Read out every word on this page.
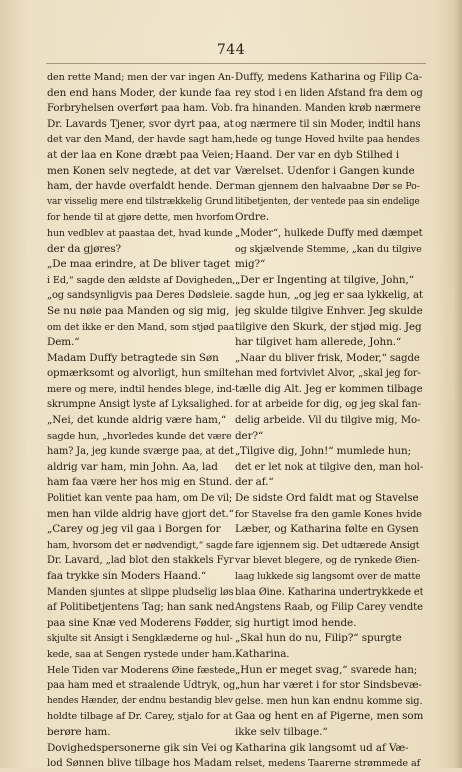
744
den rette Mand; men der var ingen An-
den end hans Moder, der kunde faa
Forbryhelsen overført paa ham. Vob.
Dr. Lavards Tjener, svor dyrt paa, at
det var den Mand, der havde sagt ham,
at der laa en Kone dræbt paa Veien;
men Konen selv negtede, at det var
ham, der havde overfaldt hende. Der
var visselig mere end tilstrækkelig Grund
for hende til at gjøre dette, men hvorfom
hun vedblev at paastaa det, hvad kunde
der da gjøres?
„De maa erindre, at De bliver taget
i Ed,“ sagde den ældste af Dovigheden,
„og sandsynligvis paa Deres Dødsleie.
Se nu nøie paa Manden og sig mig,
om det ikke er den Mand, som stjød paa
Dem.“
Madam Duffy betragtede sin Søn
opmærksomt og alvorligt, hun smilte
mere og mere, indtil hendes blege, ind-
skrumpne Ansigt lyste af Lyksalighed.
„Nei, det kunde aldrig være ham,“
sagde hun, „hvorledes kunde det være
ham? Ja, jeg kunde sværge paa, at det
aldrig var ham, min John. Aa, lad
ham faa være her hos mig en Stund.
Politiet kan vente paa ham, om De vil;
men han vilde aldrig have gjort det.“
„Carey og jeg vil gaa i Borgen for
ham, hvorsom det er nødvendigt,“ sagde
Dr. Lavard, „lad blot den stakkels Fyr
faa trykke sin Moders Haand.“
Manden sjuntes at slippe pludselig løs
af Politibetjentens Tag; han sank ned
paa sine Knæ ved Moderens Fødder,
skjulte sit Ansigt i Sengklæderne og hul-
kede, saa at Sengen rystede under ham.
Hele Tiden var Moderens Øine fæstede
paa ham med et straalende Udtryk, og
hendes Hænder, der endnu bestandig blev
holdte tilbage af Dr. Carey, stjalo for at
berøre ham.
Dovighedspersonerne gik sin Vei og
lod Sønnen blive tilbage hos Madam
Duffy, medens Katharina og Filip Ca-
rey stod i en liden Afstand fra dem og
fra hinanden. Manden krøb nærmere
og nærmere til sin Moder, indtil hans
hede og tunge Hoved hvilte paa hendes
Haand. Der var en dyb Stilhed i
Værelset. Udenfor i Gangen kunde
man gjennem den halvaabne Dør se Po-
litibetjenten, der ventede paa sin endelige
Ordre.
„Moder“, hulkede Duffy med dæmpet
og skjælvende Stemme, „kan du tilgive
mig?“
„Der er Ingenting at tilgive, John,“
sagde hun, „og jeg er saa lykkelig, at
jeg skulde tilgive Enhver. Jeg skulde
tilgive den Skurk, der stjød mig. Jeg
har tilgivet ham allerede, John.“
„Naar du bliver frisk, Moder,“ sagde
han med fortvivlet Alvor, „skal jeg for-
tælle dig Alt. Jeg er kommen tilbage
for at arbeide for dig, og jeg skal fan-
delig arbeide. Vil du tilgive mig, Mo-
der?“
„Tilgive dig, John!“ mumlede hun;
det er let nok at tilgive den, man hol-
der af.“
De sidste Ord faldt mat og Stavelse
for Stavelse fra den gamle Kones hvide
Læber, og Katharina følte en Gysen
fare igjennem sig. Det udtærede Ansigt
var blevet blegere, og de rynkede Øien-
laag lukkede sig langsomt over de matte
blaa Øine. Katharina undertrykkede et
Angstens Raab, og Filip Carey vendte
sig hurtigt imod hende.
„Skal hun do nu, Filip?“ spurgte
Katharina.
„Hun er meget svag,“ svarede han;
„hun har været i for stor Sindsbevæ-
gelse. men hun kan endnu komme sig.
Gaa og hent en af Pigerne, men som
ikke selv tilbage.“
Katharina gik langsomt ud af Væ-
relset, medens Taarerne strømmede af
